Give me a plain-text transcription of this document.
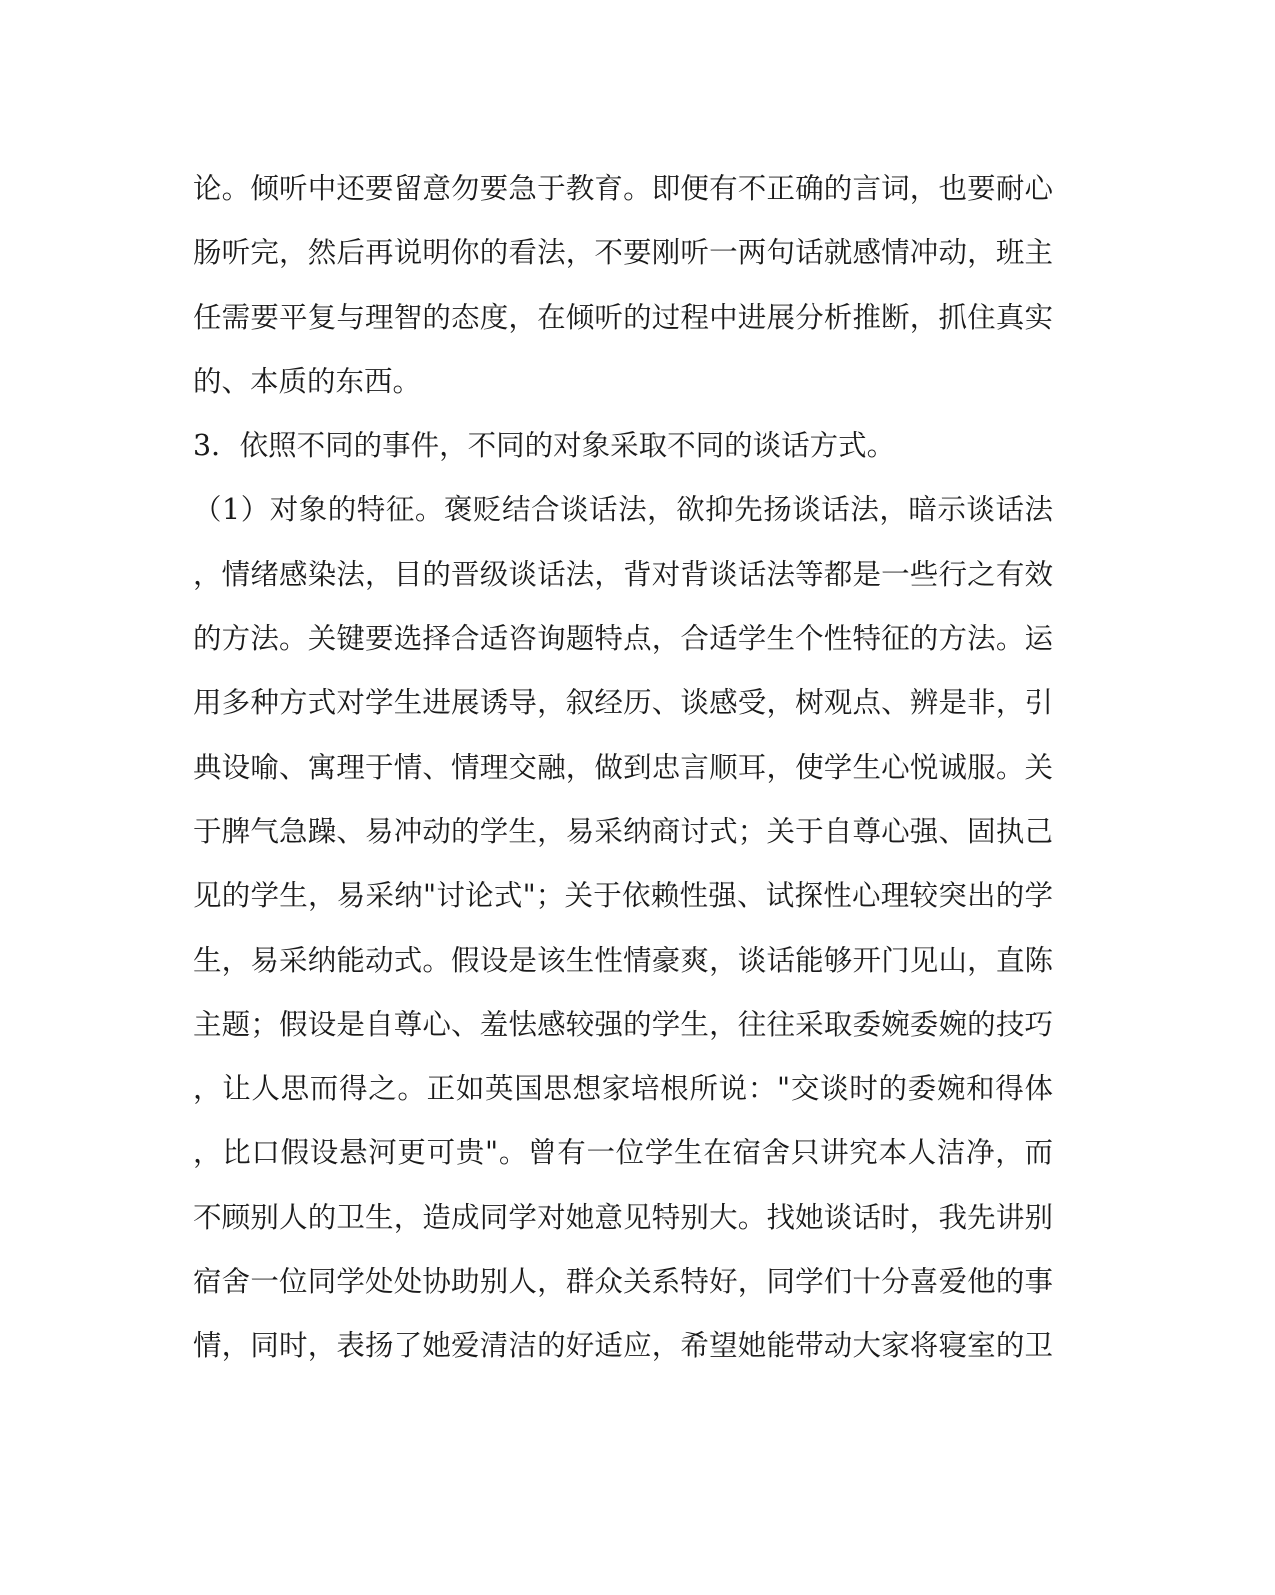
论。倾听中还要留意勿要急于教育。即便有不正确的言词，也要耐心
肠听完，然后再说明你的看法，不要刚听一两句话就感情冲动，班主
任需要平复与理智的态度，在倾听的过程中进展分析推断，抓住真实
的、本质的东西。
3．依照不同的事件，不同的对象采取不同的谈话方式。
（1）对象的特征。褒贬结合谈话法，欲抑先扬谈话法，暗示谈话法
，情绪感染法，目的晋级谈话法，背对背谈话法等都是一些行之有效
的方法。关键要选择合适咨询题特点，合适学生个性特征的方法。运
用多种方式对学生进展诱导，叙经历、谈感受，树观点、辨是非，引
典设喻、寓理于情、情理交融，做到忠言顺耳，使学生心悦诚服。关
于脾气急躁、易冲动的学生，易采纳商讨式；关于自尊心强、固执己
见的学生，易采纳"讨论式"；关于依赖性强、试探性心理较突出的学
生，易采纳能动式。假设是该生性情豪爽，谈话能够开门见山，直陈
主题；假设是自尊心、羞怯感较强的学生，往往采取委婉委婉的技巧
，让人思而得之。正如英国思想家培根所说："交谈时的委婉和得体
，比口假设悬河更可贵"。曾有一位学生在宿舍只讲究本人洁净，而
不顾别人的卫生，造成同学对她意见特别大。找她谈话时，我先讲别
宿舍一位同学处处协助别人，群众关系特好，同学们十分喜爱他的事
情，同时，表扬了她爱清洁的好适应，希望她能带动大家将寝室的卫
